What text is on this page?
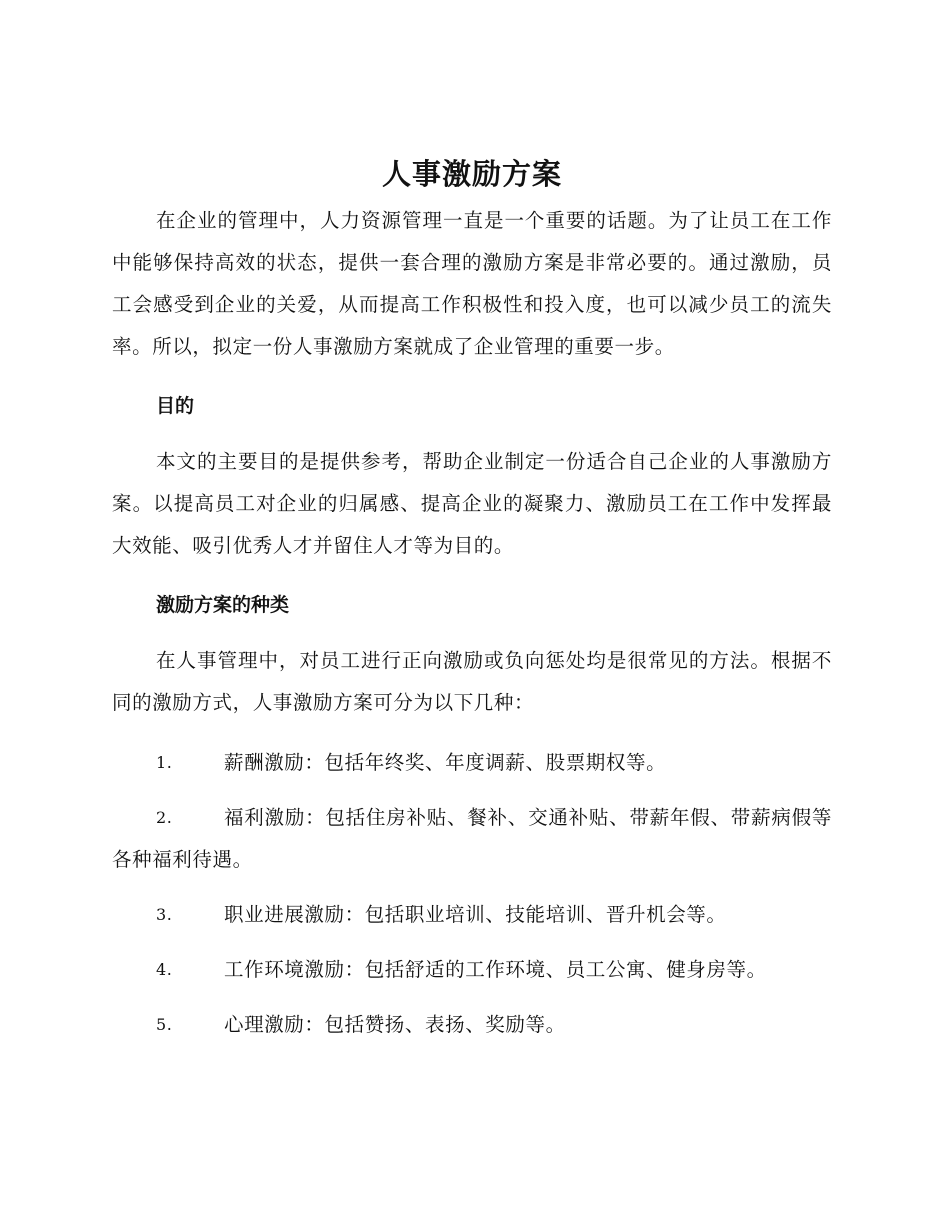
人事激励方案

在企业的管理中，人力资源管理一直是一个重要的话题。为了让员工在工作中能够保持高效的状态，提供一套合理的激励方案是非常必要的。通过激励，员工会感受到企业的关爱，从而提高工作积极性和投入度，也可以减少员工的流失率。所以，拟定一份人事激励方案就成了企业管理的重要一步。

目的

本文的主要目的是提供参考，帮助企业制定一份适合自己企业的人事激励方案。以提高员工对企业的归属感、提高企业的凝聚力、激励员工在工作中发挥最大效能、吸引优秀人才并留住人才等为目的。

激励方案的种类

在人事管理中，对员工进行正向激励或负向惩处均是很常见的方法。根据不同的激励方式，人事激励方案可分为以下几种：

1.	薪酬激励：包括年终奖、年度调薪、股票期权等。
2.	福利激励：包括住房补贴、餐补、交通补贴、带薪年假、带薪病假等各种福利待遇。
3.	职业进展激励：包括职业培训、技能培训、晋升机会等。
4.	工作环境激励：包括舒适的工作环境、员工公寓、健身房等。
5.	心理激励：包括赞扬、表扬、奖励等。
